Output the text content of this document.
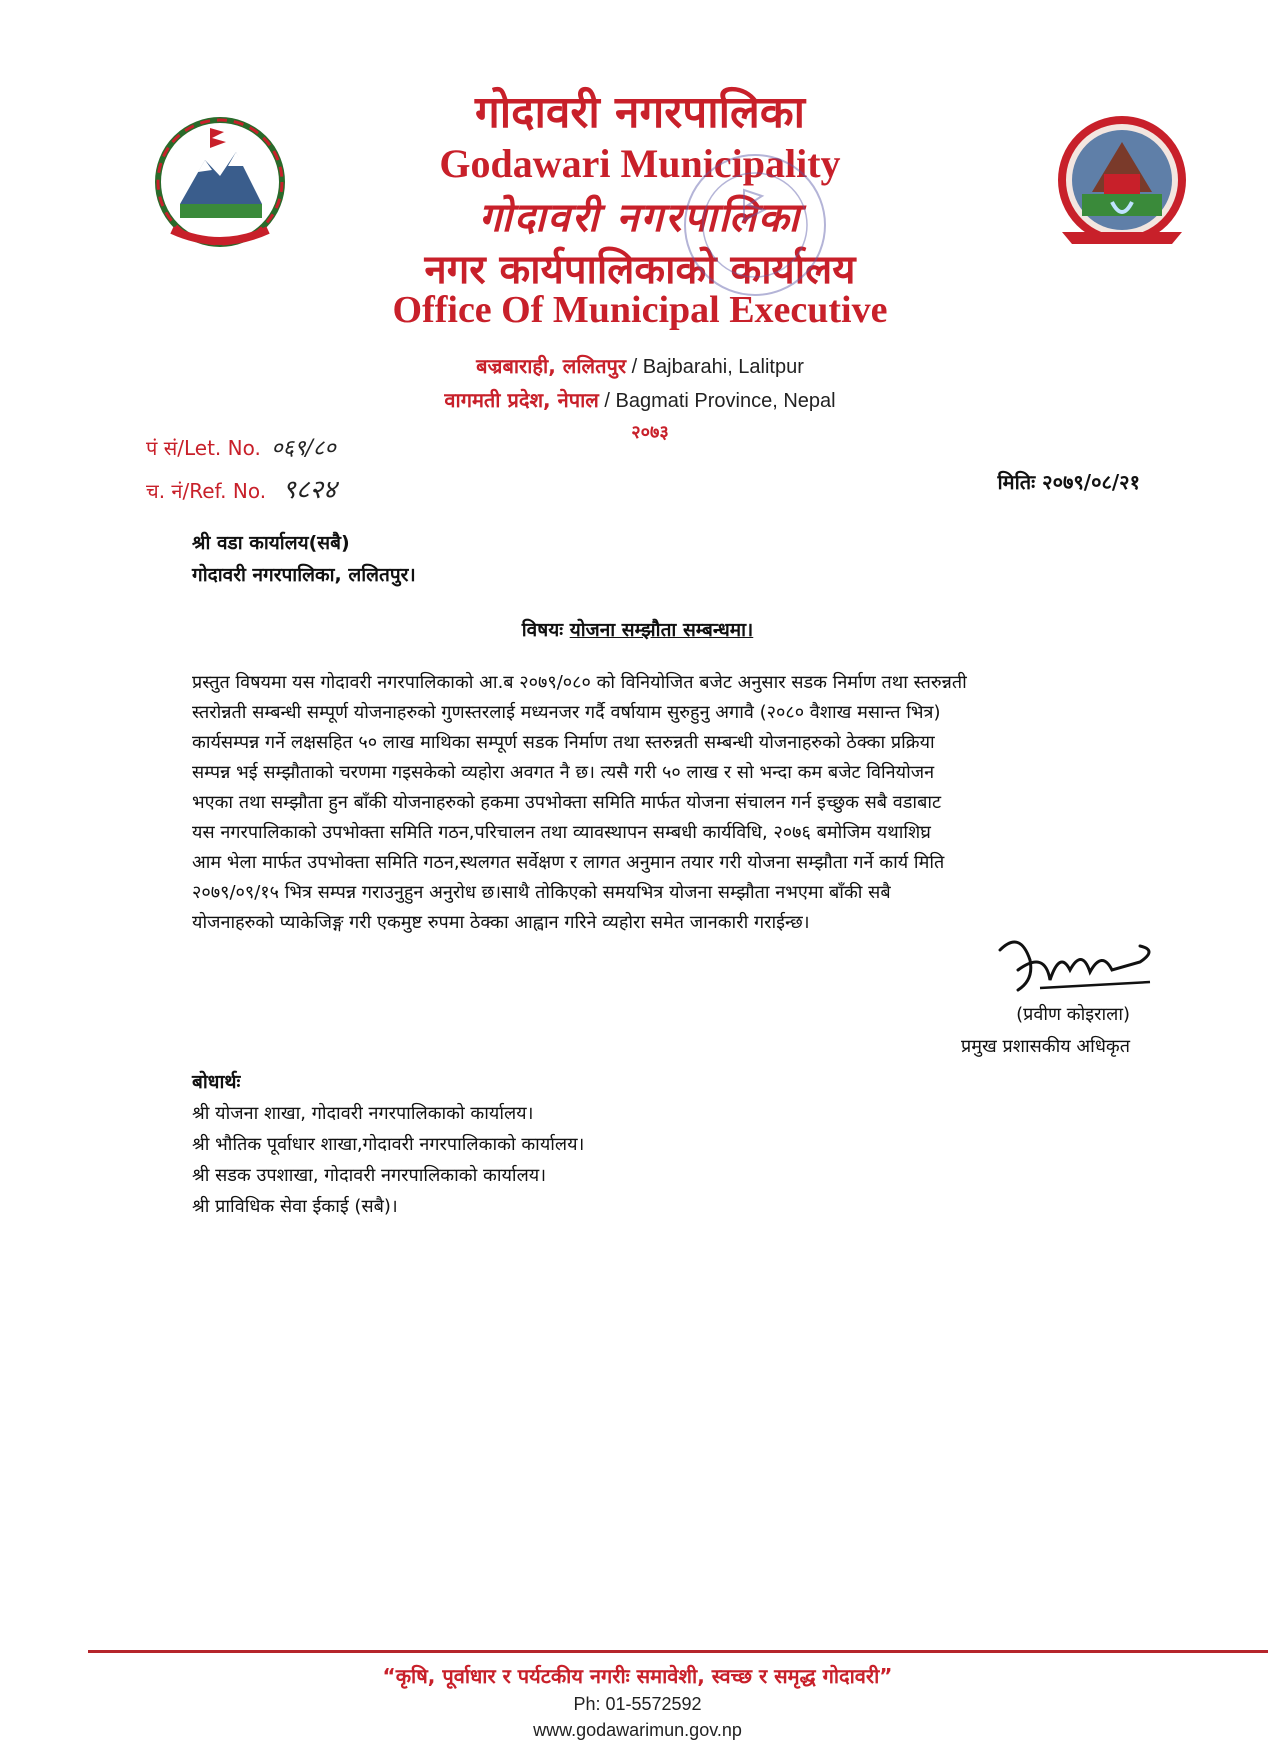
गोदावरी नगरपालिका
Godawari Municipality
गोदावरी नगरपालिका
नगर कार्यपालिकाको कार्यालय
Office Of Municipal Executive
बज्रबाराही, ललितपुर / Bajbarahi, Lalitpur
वागमती प्रदेश, नेपाल / Bagmati Province, Nepal
२०७३
पं सं/Let. No. ०६९/८०
च. नं/Ref. No. ९८२४	मितिः २०७९/०८/२१
श्री वडा कार्यालय(सबै)
गोदावरी नगरपालिका, ललितपुर।
विषयः योजना सम्झौता सम्बन्धमा।

प्रस्तुत विषयमा यस गोदावरी नगरपालिकाको आ.ब २०७९/०८० को विनियोजित बजेट अनुसार सडक निर्माण तथा स्तरुन्नती

स्तरोन्नती सम्बन्धी सम्पूर्ण योजनाहरुको गुणस्तरलाई मध्यनजर गर्दै वर्षायाम सुरुहुनु अगावै (२०८० वैशाख मसान्त भित्र)

कार्यसम्पन्न गर्ने लक्षसहित ५० लाख माथिका सम्पूर्ण सडक निर्माण तथा स्तरुन्नती सम्बन्धी योजनाहरुको ठेक्का प्रक्रिया

सम्पन्न भई सम्झौताको चरणमा गइसकेको व्यहोरा अवगत नै छ। त्यसै गरी ५० लाख र सो भन्दा कम बजेट विनियोजन

भएका तथा सम्झौता हुन बाँकी योजनाहरुको हकमा उपभोक्ता समिति मार्फत योजना संचालन गर्न इच्छुक सबै वडाबाट

यस नगरपालिकाको उपभोक्ता समिति गठन,परिचालन तथा व्यावस्थापन सम्बधी कार्यविधि, २०७६ बमोजिम यथाशिघ्र

आम भेला मार्फत उपभोक्ता समिति गठन,स्थलगत सर्वेक्षण र लागत अनुमान तयार गरी योजना सम्झौता गर्ने कार्य मिति

२०७९/०९/१५ भित्र सम्पन्न गराउनुहुन अनुरोध छ।साथै तोकिएको समयभित्र योजना सम्झौता नभएमा बाँकी सबै

योजनाहरुको प्याकेजिङ्ग गरी एकमुष्ट रुपमा ठेक्का आह्वान गरिने व्यहोरा समेत जानकारी गराईन्छ।

(प्रवीण कोइराला)
प्रमुख प्रशासकीय अधिकृत
बोधार्थः
श्री योजना शाखा, गोदावरी नगरपालिकाको कार्यालय।
श्री भौतिक पूर्वाधार शाखा,गोदावरी नगरपालिकाको कार्यालय।
श्री सडक उपशाखा, गोदावरी नगरपालिकाको कार्यालय।
श्री प्राविधिक सेवा ईकाई (सबै)।
“कृषि, पूर्वाधार र पर्यटकीय नगरीः समावेशी, स्वच्छ र समृद्ध गोदावरी”
Ph: 01-5572592
www.godawarimun.gov.np
